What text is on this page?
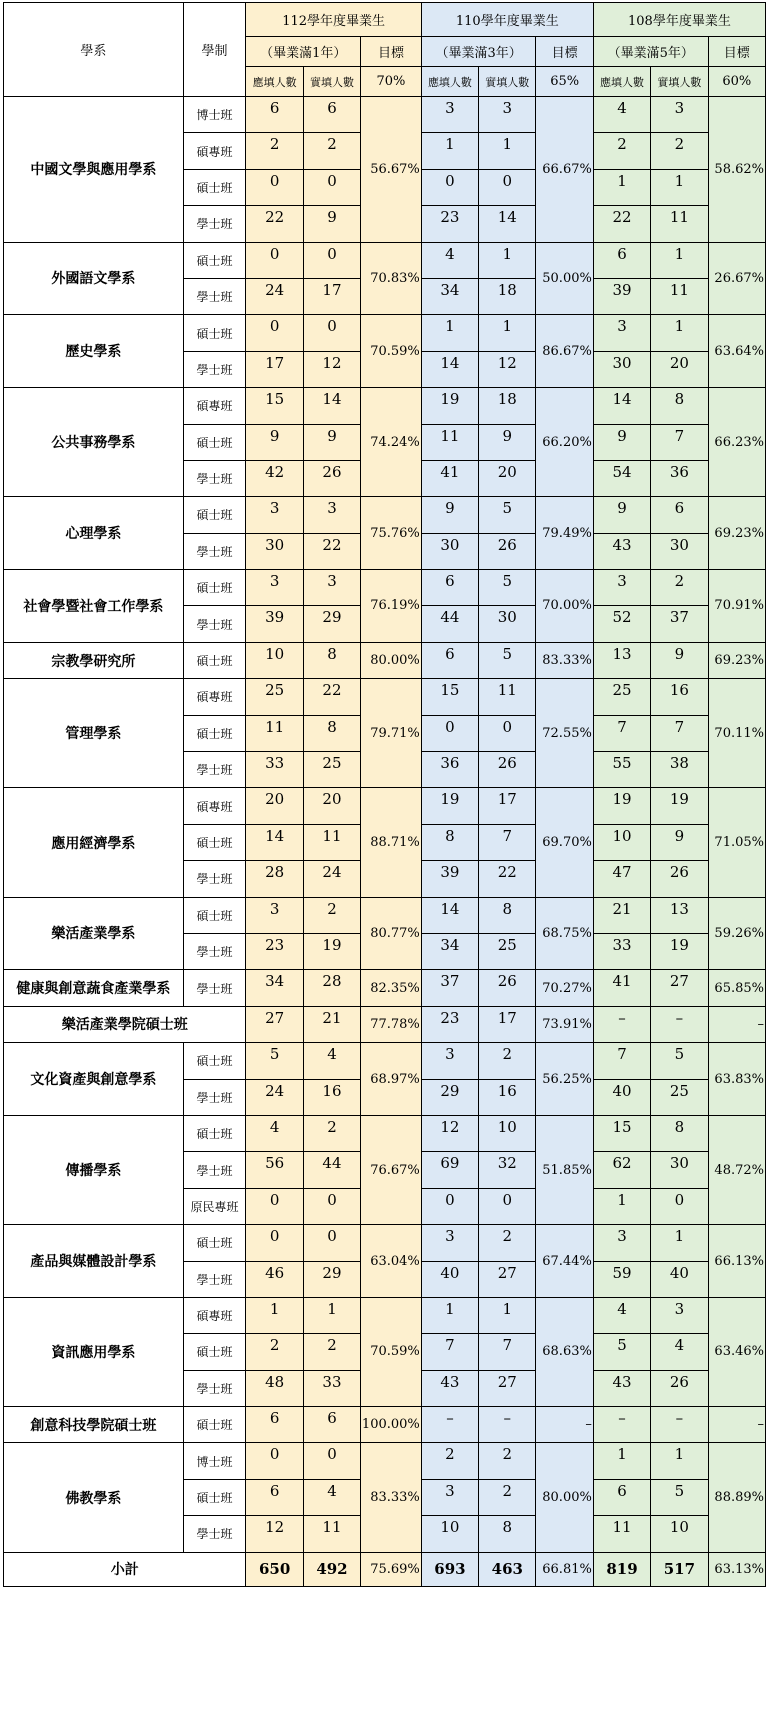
學系	學制	112學年度畢業生			110學年度畢業生			108學年度畢業生		
		（畢業滿1年）		目標	（畢業滿3年）		目標	（畢業滿5年）		目標
		應填人數	實填人數	70%	應填人數	實填人數	65%	應填人數	實填人數	60%
中國文學與應用學系	博士班	6	6	56.67%	3	3	66.67%	4	3	58.62%
	碩專班	2	2		1	1		2	2	
	碩士班	0	0		0	0		1	1	
	學士班	22	9		23	14		22	11	
外國語文學系	碩士班	0	0	70.83%	4	1	50.00%	6	1	26.67%
	學士班	24	17		34	18		39	11	
歷史學系	碩士班	0	0	70.59%	1	1	86.67%	3	1	63.64%
	學士班	17	12		14	12		30	20	
公共事務學系	碩專班	15	14	74.24%	19	18	66.20%	14	8	66.23%
	碩士班	9	9		11	9		9	7	
	學士班	42	26		41	20		54	36	
心理學系	碩士班	3	3	75.76%	9	5	79.49%	9	6	69.23%
	學士班	30	22		30	26		43	30	
社會學暨社會工作學系	碩士班	3	3	76.19%	6	5	70.00%	3	2	70.91%
	學士班	39	29		44	30		52	37	
宗教學研究所	碩士班	10	8	80.00%	6	5	83.33%	13	9	69.23%
管理學系	碩專班	25	22	79.71%	15	11	72.55%	25	16	70.11%
	碩士班	11	8		0	0		7	7	
	學士班	33	25		36	26		55	38	
應用經濟學系	碩專班	20	20	88.71%	19	17	69.70%	19	19	71.05%
	碩士班	14	11		8	7		10	9	
	學士班	28	24		39	22		47	26	
樂活產業學系	碩士班	3	2	80.77%	14	8	68.75%	21	13	59.26%
	學士班	23	19		34	25		33	19	
健康與創意蔬食產業學系	學士班	34	28	82.35%	37	26	70.27%	41	27	65.85%
樂活產業學院碩士班		27	21	77.78%	23	17	73.91%	–	–	–
文化資產與創意學系	碩士班	5	4	68.97%	3	2	56.25%	7	5	63.83%
	學士班	24	16		29	16		40	25	
傳播學系	碩士班	4	2	76.67%	12	10	51.85%	15	8	48.72%
	學士班	56	44		69	32		62	30	
	原民專班	0	0		0	0		1	0	
產品與媒體設計學系	碩士班	0	0	63.04%	3	2	67.44%	3	1	66.13%
	學士班	46	29		40	27		59	40	
資訊應用學系	碩專班	1	1	70.59%	1	1	68.63%	4	3	63.46%
	碩士班	2	2		7	7		5	4	
	學士班	48	33		43	27		43	26	
創意科技學院碩士班	碩士班	6	6	100.00%	–	–	–	–	–	–
佛教學系	博士班	0	0	83.33%	2	2	80.00%	1	1	88.89%
	碩士班	6	4		3	2		6	5	
	學士班	12	11		10	8		11	10	
小計		650	492	75.69%	693	463	66.81%	819	517	63.13%
